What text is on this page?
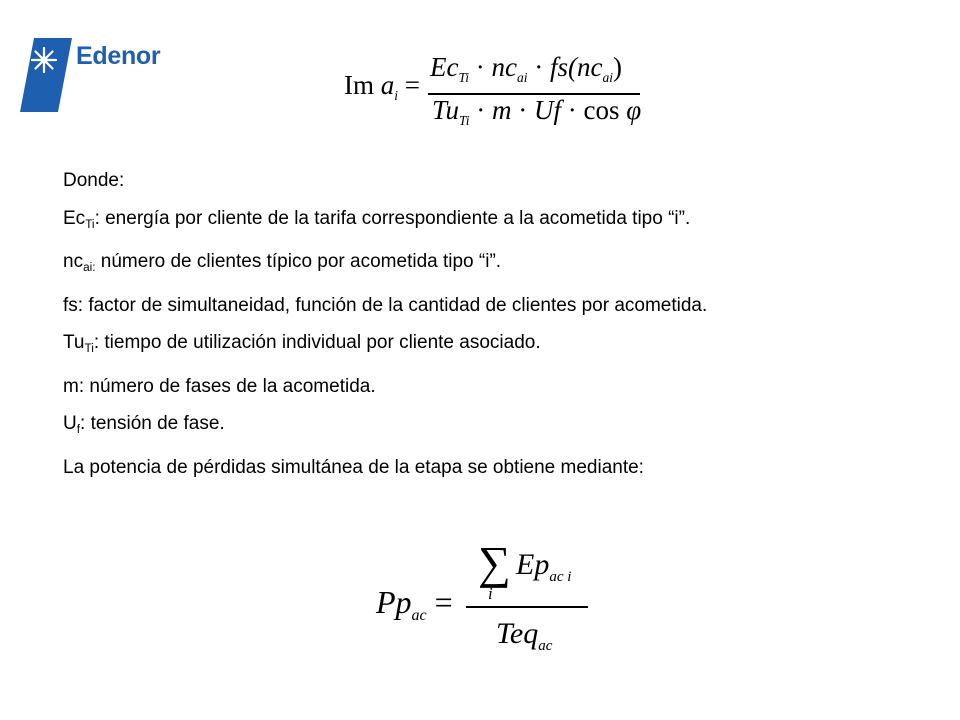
Edenor
Im $a_i$ =
$Ec_{Ti} \cdot nc_{ai} \cdot fs(nc_{ai})$
$Tu_{Ti} \cdot m \cdot Uf \cdot \cos \varphi$
Donde:
$Ec_{Ti}$: energía por cliente de la tarifa correspondiente a la acometida tipo “i”.
$nc_{ai:}$ número de clientes típico por acometida tipo “i”.
fs: factor de simultaneidad, función de la cantidad de clientes por acometida.
$Tu_{Ti}$: tiempo de utilización individual por cliente asociado.
m: número de fases de la acometida.
$U_f$: tensión de fase.
La potencia de pérdidas simultánea de la etapa se obtiene mediante:
$Pp_{ac}$ =
∑
i
$Ep_{ac i}$
Teq$_{ac}$
